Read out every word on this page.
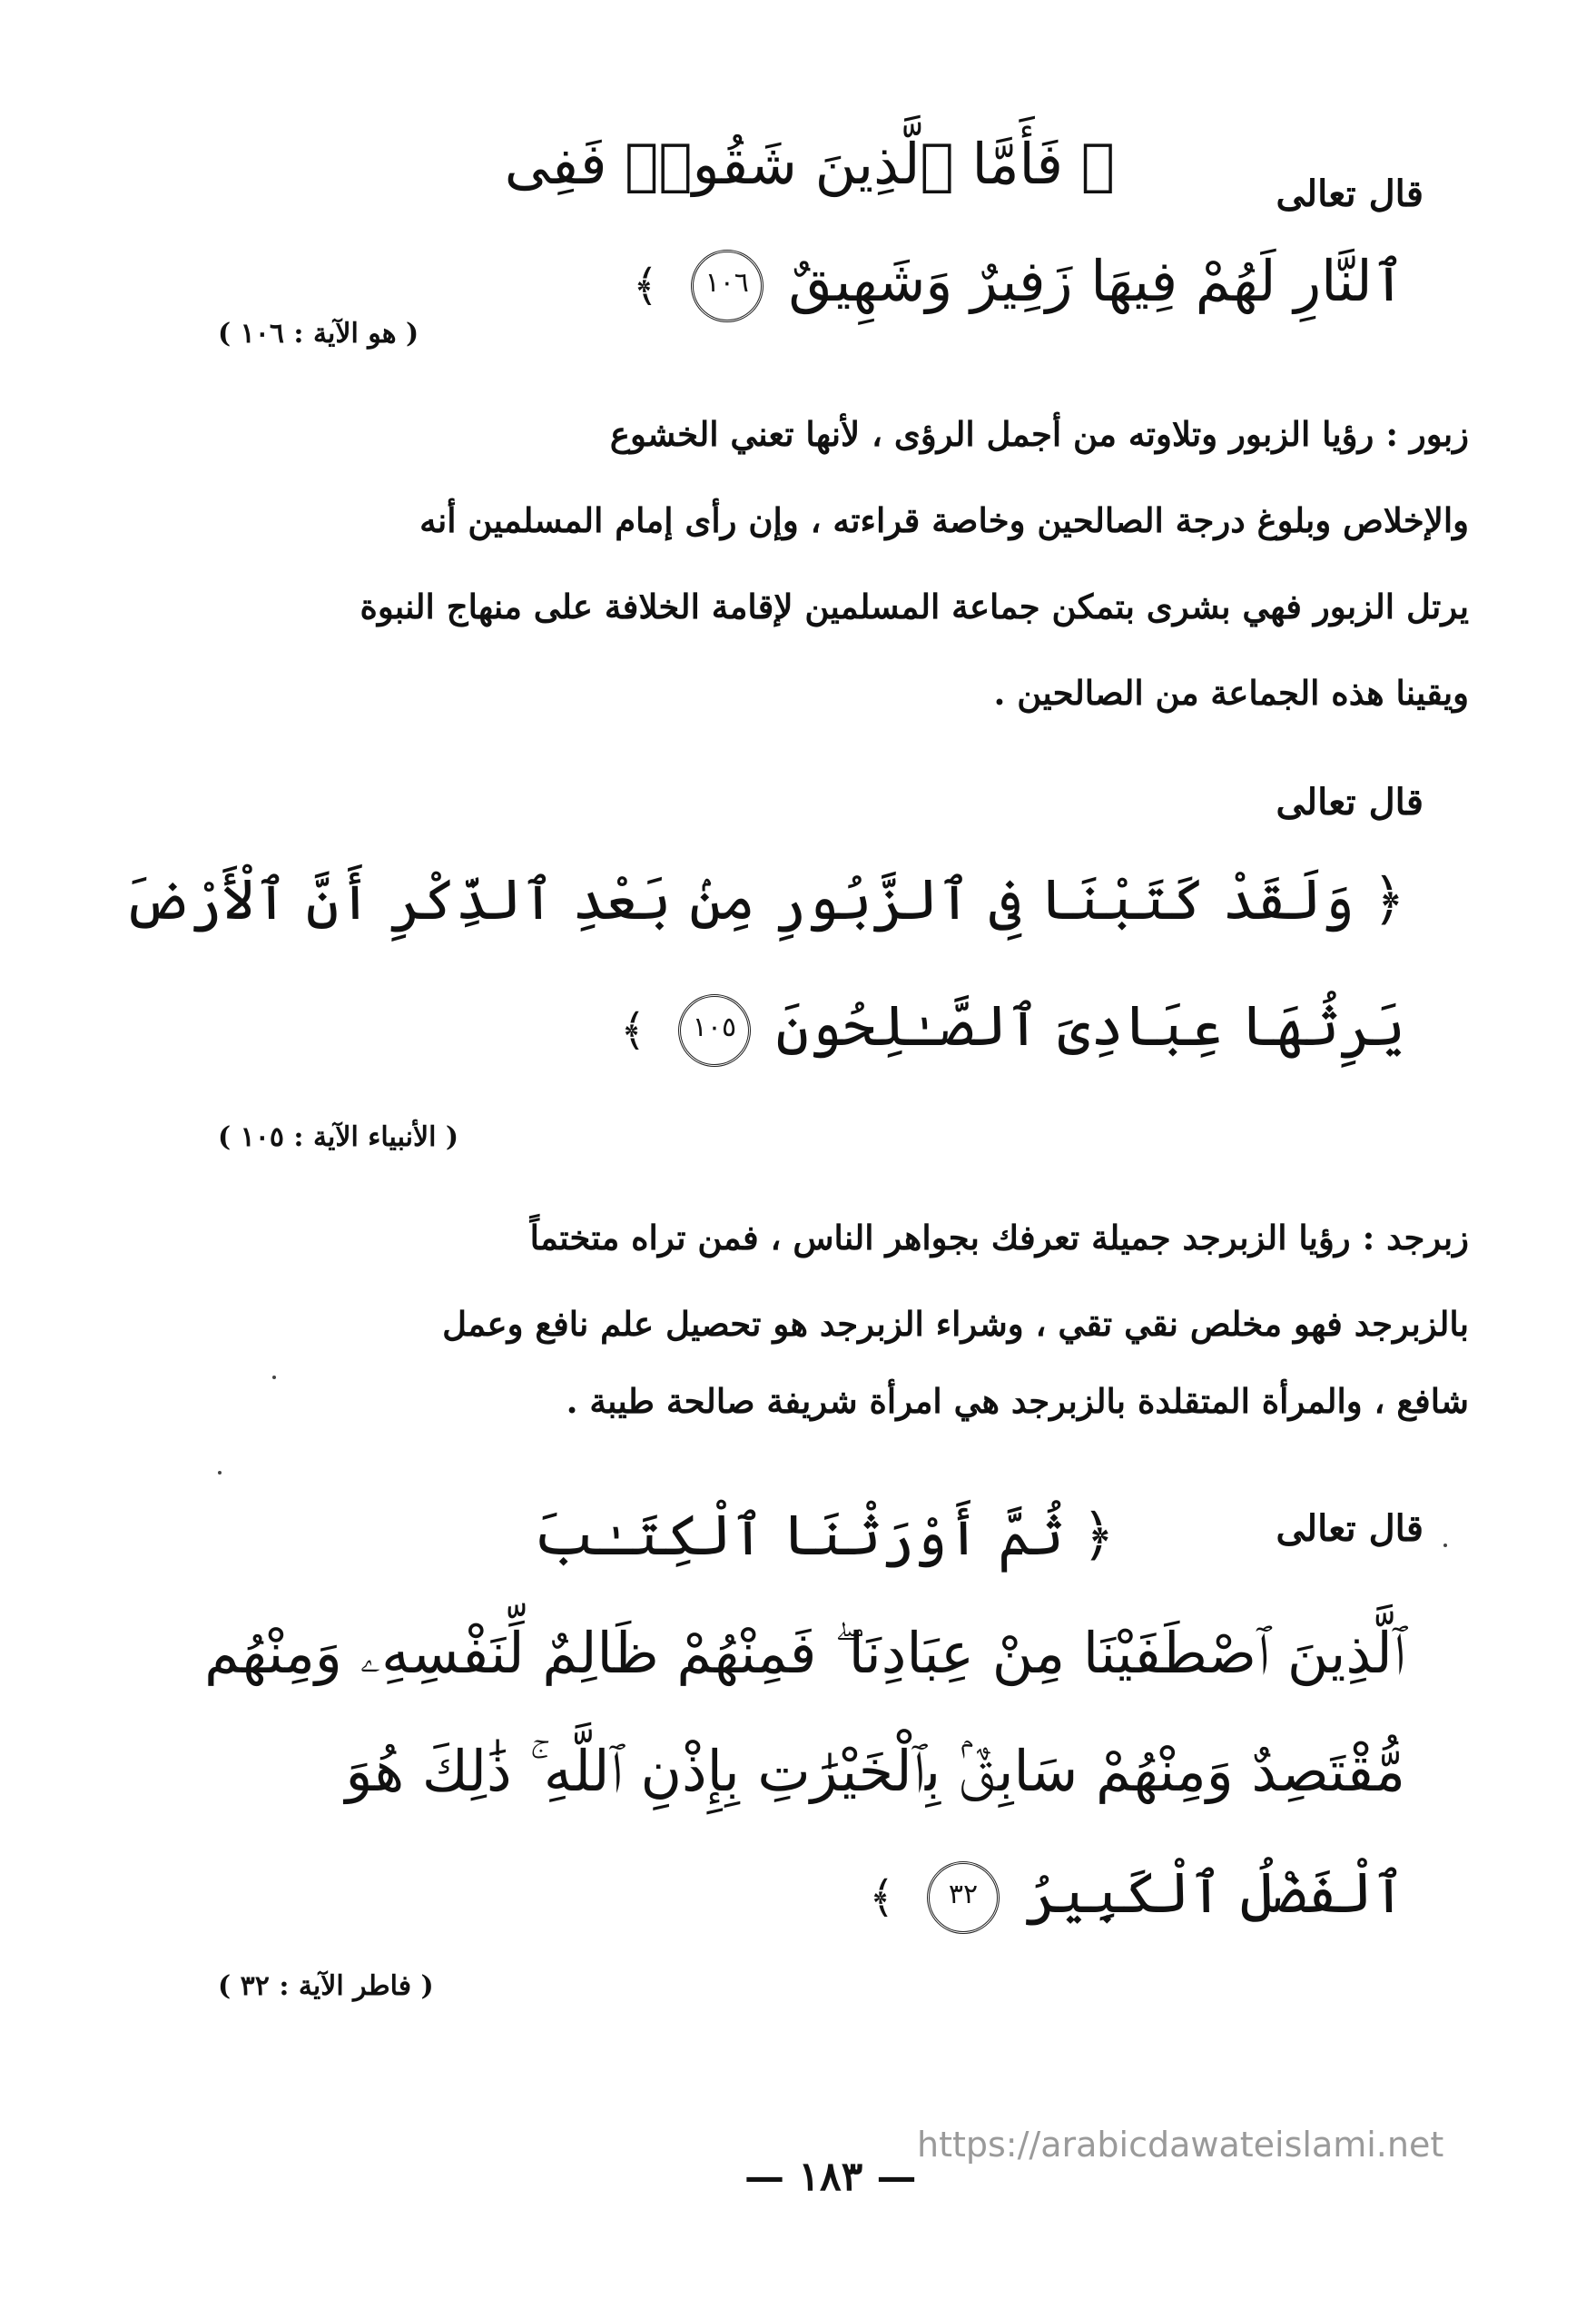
قال تعالى
﴿ فَأَمَّا ٱلَّذِينَ شَقُوا۟ فَفِى
ٱلنَّارِ لَهُمْ فِيهَا زَفِيرٌ وَشَهِيقٌ ١٠٦ ﴾
( هو الآية : ١٠٦ )
زبور : رؤيا الزبور وتلاوته من أجمل الرؤى ، لأنها تعني الخشوع
والإخلاص وبلوغ درجة الصالحين وخاصة قراءته ، وإن رأى إمام المسلمين أنه
يرتل الزبور فهي بشرى بتمكن جماعة المسلمين لإقامة الخلافة على منهاج النبوة
ويقينا هذه الجماعة من الصالحين .
قال تعالى
﴿ وَلَقَدْ كَتَبْنَا فِى ٱلزَّبُورِ مِنۢ بَعْدِ ٱلذِّكْرِ أَنَّ ٱلْأَرْضَ
يَرِثُهَا عِبَادِىَ ٱلصَّـٰلِحُونَ ١٠٥ ﴾
( الأنبياء الآية : ١٠٥ )
زبرجد : رؤيا الزبرجد جميلة تعرفك بجواهر الناس ، فمن تراه متختماً
بالزبرجد فهو مخلص نقي تقي ، وشراء الزبرجد هو تحصيل علم نافع وعمل
شافع ، والمرأة المتقلدة بالزبرجد هي امرأة شريفة صالحة طيبة .
قال تعالى
﴿ ثُمَّ أَوْرَثْنَا ٱلْكِتَـٰبَ
ٱلَّذِينَ ٱصْطَفَيْنَا مِنْ عِبَادِنَا ۖ فَمِنْهُمْ ظَالِمٌ لِّنَفْسِهِۦ وَمِنْهُم
مُّقْتَصِدٌ وَمِنْهُمْ سَابِقٌۢ بِٱلْخَيْرَٰتِ بِإِذْنِ ٱللَّهِ ۚ ذَٰلِكَ هُوَ
ٱلْفَضْلُ ٱلْكَبِيرُ ٣٢ ﴾
( فاطر الآية : ٣٢ )
https://arabicdawateislami.net
— ١٨٣ —
